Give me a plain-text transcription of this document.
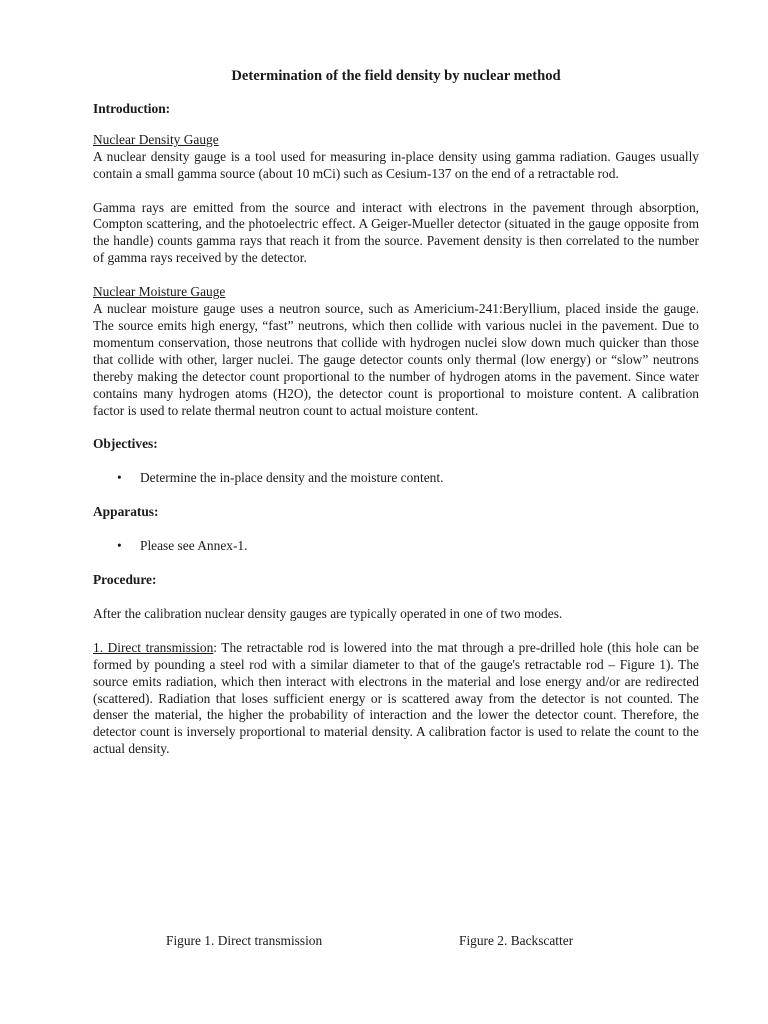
Determination of the field density by nuclear method
Introduction:
Nuclear Density Gauge

A nuclear density gauge is a tool used for measuring in-place density using gamma radiation. Gauges usually contain a small gamma source (about 10 mCi) such as Cesium-137 on the end of a retractable rod.

Gamma rays are emitted from the source and interact with electrons in the pavement through absorption, Compton scattering, and the photoelectric effect. A Geiger-Mueller detector (situated in the gauge opposite from the handle) counts gamma rays that reach it from the source. Pavement density is then correlated to the number of gamma rays received by the detector.

Nuclear Moisture Gauge

A nuclear moisture gauge uses a neutron source, such as Americium-241:Beryllium, placed inside the gauge. The source emits high energy, “fast” neutrons, which then collide with various nuclei in the pavement. Due to momentum conservation, those neutrons that collide with hydrogen nuclei slow down much quicker than those that collide with other, larger nuclei. The gauge detector counts only thermal (low energy) or “slow” neutrons thereby making the detector count proportional to the number of hydrogen atoms in the pavement. Since water contains many hydrogen atoms (H2O), the detector count is proportional to moisture content. A calibration factor is used to relate thermal neutron count to actual moisture content.

Objectives:
• Determine the in-place density and the moisture content.
Apparatus:
• Please see Annex-1.
Procedure:

After the calibration nuclear density gauges are typically operated in one of two modes.

1. Direct transmission: The retractable rod is lowered into the mat through a pre-drilled hole (this hole can be formed by pounding a steel rod with a similar diameter to that of the gauge's retractable rod – Figure 1). The source emits radiation, which then interact with electrons in the material and lose energy and/or are redirected (scattered). Radiation that loses sufficient energy or is scattered away from the detector is not counted. The denser the material, the higher the probability of interaction and the lower the detector count. Therefore, the detector count is inversely proportional to material density. A calibration factor is used to relate the count to the actual density.

Figure 1. Direct transmission	Figure 2. Backscatter
